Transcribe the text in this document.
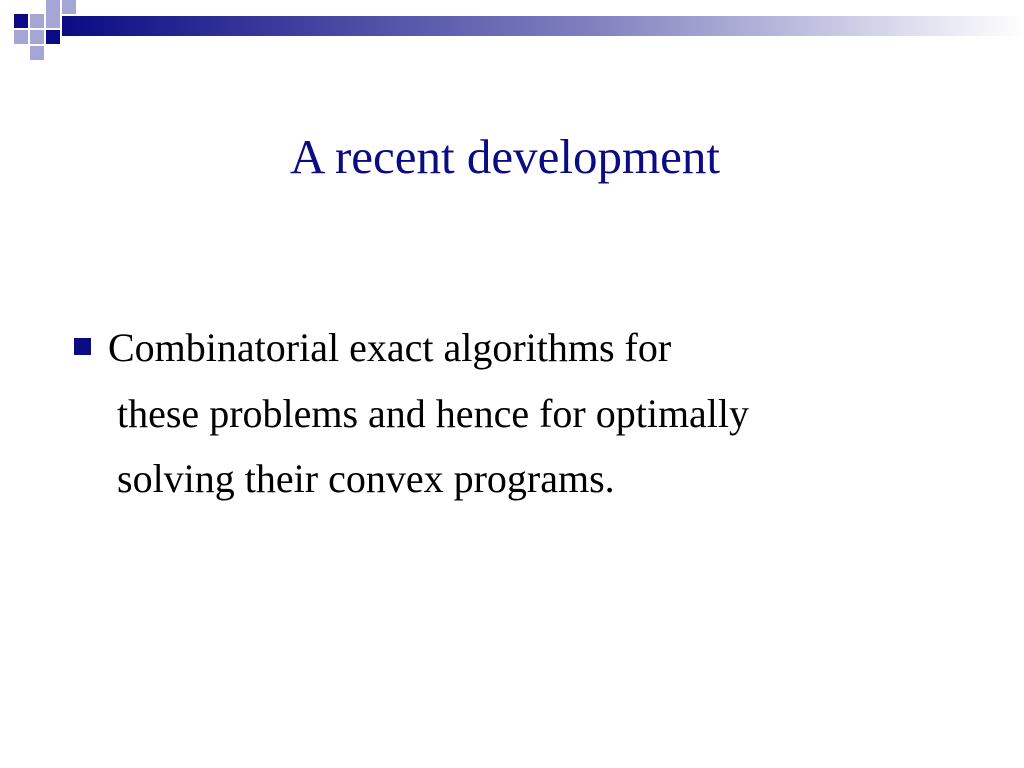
A recent development
Combinatorial exact algorithms for
these problems and hence for optimally
solving their convex programs.
